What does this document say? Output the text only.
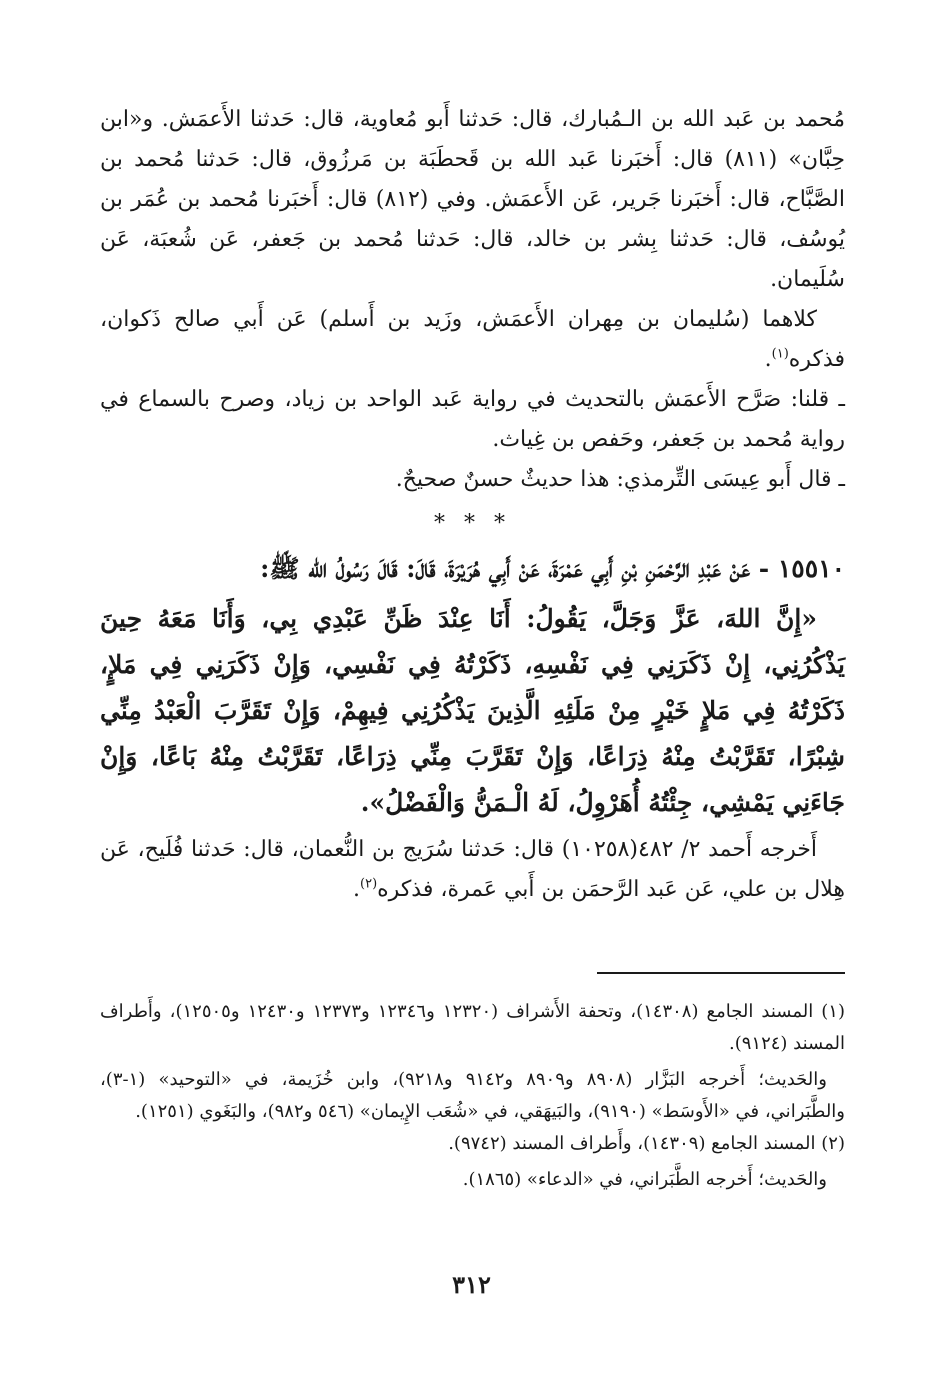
مُحمد بن عَبد الله بن الـمُبارك، قال: حَدثنا أَبو مُعاوية، قال: حَدثنا الأَعمَش. و«ابن حِبَّان» (٨١١) قال: أَخبَرنا عَبد الله بن قَحطَبَة بن مَرزُوق، قال: حَدثنا مُحمد بن الصَّبَّاح، قال: أَخبَرنا جَرير، عَن الأَعمَش. وفي (٨١٢) قال: أَخبَرنا مُحمد بن عُمَر بن يُوسُف، قال: حَدثنا بِشر بن خالد، قال: حَدثنا مُحمد بن جَعفر، عَن شُعبَة، عَن سُلَيمان.

كلاهما (سُليمان بن مِهران الأَعمَش، وزَيد بن أَسلم) عَن أَبي صالح ذَكوان، فذكره$^{(١)}$.

ـ قلنا: صَرَّح الأَعمَش بالتحديث في رواية عَبد الواحد بن زياد، وصرح بالسماع في رواية مُحمد بن جَعفر، وحَفص بن غِياث.

ـ قال أَبو عِيسَى التِّرمذي: هذا حديثٌ حسنٌ صحيحٌ.

* * *

١٥٥١٠ - عَنْ عَبْدِ الرَّحْمَنِ بْنِ أَبِي عَمْرَةَ، عَنْ أَبِي هُرَيْرَةَ، قَالَ: قَالَ رَسُولُ الله ﷺ:

«إِنَّ اللهَ، عَزَّ وَجَلَّ، يَقُولُ: أَنَا عِنْدَ ظَنِّ عَبْدِي بِي، وَأَنَا مَعَهُ حِينَ يَذْكُرُنِي، إِنْ ذَكَرَنِي فِي نَفْسِهِ، ذَكَرْتُهُ فِي نَفْسِي، وَإِنْ ذَكَرَنِي فِي مَلإٍ، ذَكَرْتُهُ فِي مَلإٍ خَيْرٍ مِنْ مَلَئِهِ الَّذِينَ يَذْكُرُنِي فِيهِمْ، وَإِنْ تَقَرَّبَ الْعَبْدُ مِنِّي شِبْرًا، تَقَرَّبْتُ مِنْهُ ذِرَاعًا، وَإِنْ تَقَرَّبَ مِنِّي ذِرَاعًا، تَقَرَّبْتُ مِنْهُ بَاعًا، وَإِنْ جَاءَنِي يَمْشِي، جِئْتُهُ أُهَرْوِلُ، لَهُ الْـمَنُّ وَالْفَضْلُ».

أَخرجه أَحمد ٢/ ٤٨٢(١٠٢٥٨) قال: حَدثنا سُرَيج بن النُّعمان، قال: حَدثنا فُلَيح، عَن هِلال بن علي، عَن عَبد الرَّحمَن بن أَبي عَمرة، فذكره$^{(٢)}$.

(١) المسند الجامع (١٤٣٠٨)، وتحفة الأَشراف (١٢٣٢٠ و١٢٣٤٦ و١٢٣٧٣ و١٢٤٣٠ و١٢٥٠٥)، وأَطراف المسند (٩١٢٤).

والحَديث؛ أَخرجه البَزَّار (٨٩٠٨ و٨٩٠٩ و٩١٤٢ و٩٢١٨)، وابن خُزَيمة، في «التوحيد» (١-٣)، والطَّبَراني، في «الأَوسَط» (٩١٩٠)، والبَيهَقي، في «شُعَب الإِيمان» (٥٤٦ و٩٨٢)، والبَغَوي (١٢٥١).

(٢) المسند الجامع (١٤٣٠٩)، وأَطراف المسند (٩٧٤٢).

والحَديث؛ أَخرجه الطَّبَراني، في «الدعاء» (١٨٦٥).

٣١٢
